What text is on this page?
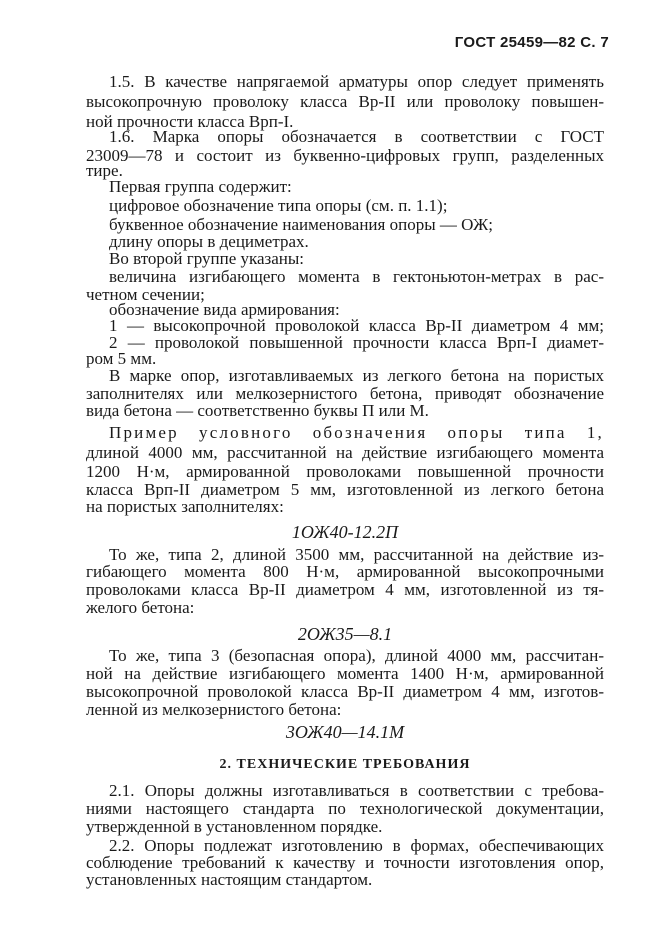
ГОСТ 25459—82 С. 7
1.5. В качестве напрягаемой арматуры опор следует применять
высокопрочную проволоку класса Вр-II или проволоку повышен-
ной прочности класса Врп-I.
1.6. Марка опоры обозначается в соответствии с ГОСТ
23009—78 и состоит из буквенно-цифровых групп, разделенных
тире.
Первая группа содержит:
цифровое обозначение типа опоры (см. п. 1.1);
буквенное обозначение наименования опоры — ОЖ;
длину опоры в дециметрах.
Во второй группе указаны:
величина изгибающего момента в гектоньютон-метрах в рас-
четном сечении;
обозначение вида армирования:
1 — высокопрочной проволокой класса Вр-II диаметром 4 мм;
2 — проволокой повышенной прочности класса Врп-I диамет-
ром 5 мм.
В марке опор, изготавливаемых из легкого бетона на пористых
заполнителях или мелкозернистого бетона, приводят обозначение
вида бетона — соответственно буквы П или М.
Пример условного обозначения опоры типа 1,
длиной 4000 мм, рассчитанной на действие изгибающего момента
1200 Н·м, армированной проволоками повышенной прочности
класса Врп-II диаметром 5 мм, изготовленной из легкого бетона
на пористых заполнителях:
1ОЖ40-12.2П
То же, типа 2, длиной 3500 мм, рассчитанной на действие из-
гибающего момента 800 Н·м, армированной высокопрочными
проволоками класса Вр-II диаметром 4 мм, изготовленной из тя-
желого бетона:
2ОЖ35—8.1
То же, типа 3 (безопасная опора), длиной 4000 мм, рассчитан-
ной на действие изгибающего момента 1400 Н·м, армированной
высокопрочной проволокой класса Вр-II диаметром 4 мм, изготов-
ленной из мелкозернистого бетона:
3ОЖ40—14.1М
2. ТЕХНИЧЕСКИЕ ТРЕБОВАНИЯ
2.1. Опоры должны изготавливаться в соответствии с требова-
ниями настоящего стандарта по технологической документации,
утвержденной в установленном порядке.
2.2. Опоры подлежат изготовлению в формах, обеспечивающих
соблюдение требований к качеству и точности изготовления опор,
установленных настоящим стандартом.
